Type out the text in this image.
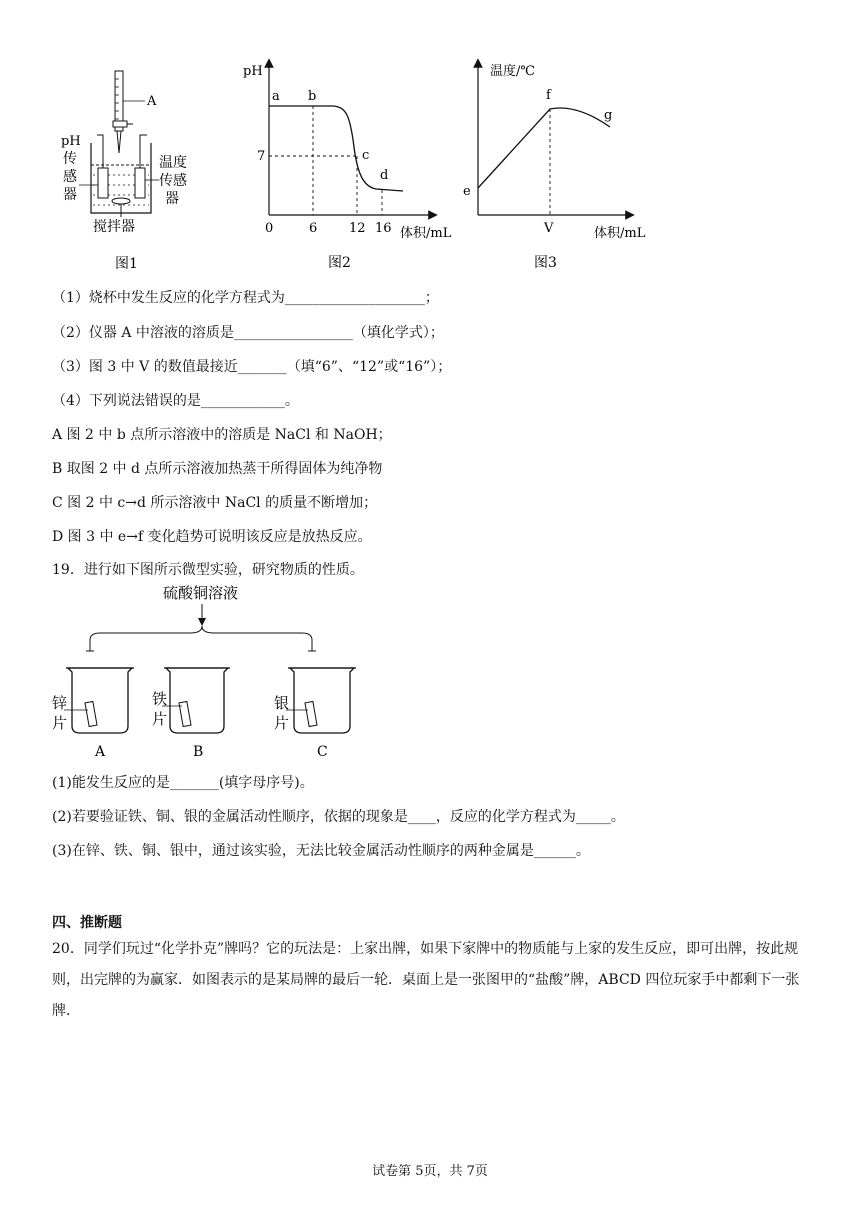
A
pH
传
感
器
温度
传感
器
搅拌器
图1
pH
体积/mL
7
0	6 12 16
a b
c
d
图2
温度/℃
体积/mL
e
f
g
V
图3
（1）烧杯中发生反应的化学方程式为____________________；
（2）仪器 A 中溶液的溶质是_________________（填化学式）；
（3）图 3 中 V 的数值最接近_______（填“6”、“12”或“16”）；
（4）下列说法错误的是____________。
A 图 2 中 b 点所示溶液中的溶质是 NaCl 和 NaOH；
B 取图 2 中 d 点所示溶液加热蒸干所得固体为纯净物
C 图 2 中 c→d 所示溶液中 NaCl 的质量不断增加；
D 图 3 中 e→f 变化趋势可说明该反应是放热反应。
19．进行如下图所示微型实验，研究物质的性质。
硫酸铜溶液
锌
片
A
铁
片
B
银
片
C
(1)能发生反应的是_______(填字母序号)。
(2)若要验证铁、铜、银的金属活动性顺序，依据的现象是____，反应的化学方程式为_____。
(3)在锌、铁、铜、银中，通过该实验，无法比较金属活动性顺序的两种金属是______。
四、推断题
20．同学们玩过“化学扑克”牌吗？它的玩法是：上家出牌，如果下家牌中的物质能与上家的发生反应，即可出牌，按此规则，出完牌的为赢家．如图表示的是某局牌的最后一轮．桌面上是一张图甲的“盐酸”牌，ABCD 四位玩家手中都剩下一张牌．
试卷第 5页，共 7页
